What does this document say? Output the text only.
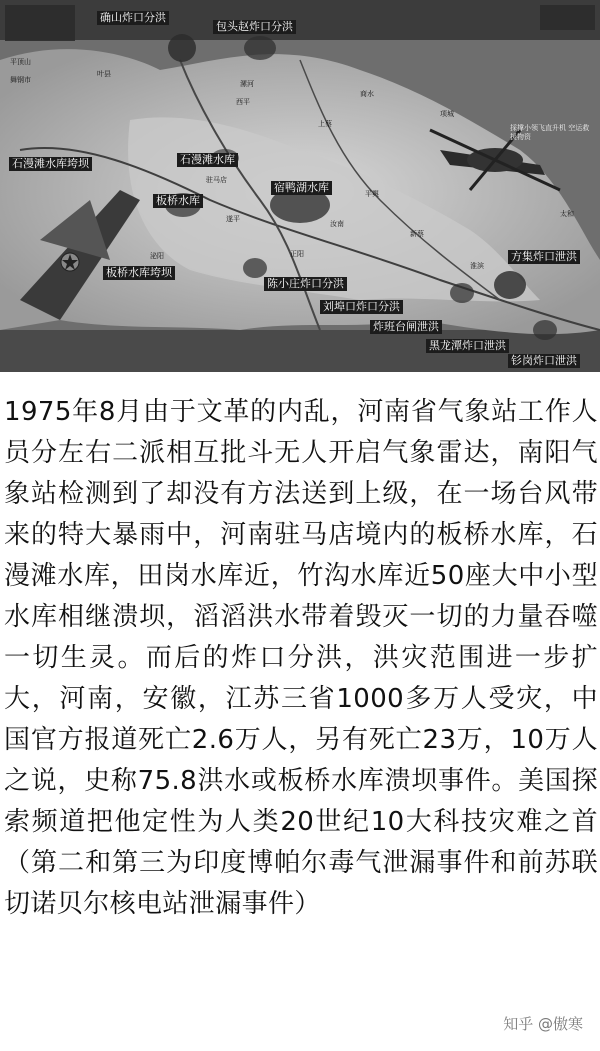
确山炸口分洪
包头赵炸口分洪
石漫滩水库垮坝	石漫滩水库
板桥水库
板桥水库垮坝
宿鸭湖水库
陈小庄炸口分洪
刘埠口炸口分洪
炸班台闸泄洪
黑龙潭炸口泄洪
方集炸口泄洪
钐岗炸口泄洪
平顶山
叶县
舞钢市
泌阳
遂平
西平
上蔡
汝南
平舆
正阳
新蔡
驻马店
淮滨
太和
漯河
项城
商水
採撑小领飞直升机 空运救援物资

1975年8月由于文革的内乱，河南省气象站工作人员分左右二派相互批斗无人开启气象雷达，南阳气象站检测到了却没有方法送到上级，在一场台风带来的特大暴雨中，河南驻马店境内的板桥水库，石漫滩水库，田岗水库近，竹沟水库近50座大中小型水库相继溃坝，滔滔洪水带着毁灭一切的力量吞噬一切生灵。而后的炸口分洪，洪灾范围进一步扩大，河南，安徽，江苏三省1000多万人受灾，中国官方报道死亡2.6万人，另有死亡23万，10万人之说，史称75.8洪水或板桥水库溃坝事件。美国探索频道把他定性为人类20世纪10大科技灾难之首（第二和第三为印度博帕尔毒气泄漏事件和前苏联切诺贝尔核电站泄漏事件）

知乎 @傲寒
